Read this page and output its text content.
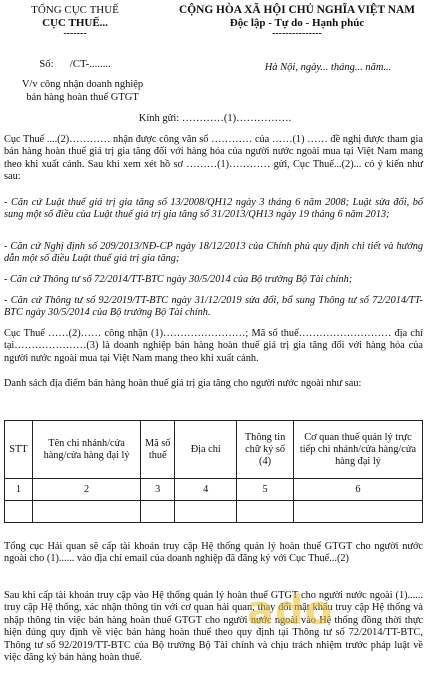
TỔNG CỤC THUẾ
CỤC THUẾ...
-------
CỘNG HÒA XÃ HỘI CHỦ NGHĨA VIỆT NAM
Độc lập - Tự do - Hạnh phúc
---------------
Số:      /CT-........	Hà Nội, ngày... tháng... năm...
V/v công nhận doanh nghiệp
bán hàng hoàn thuế GTGT
Kính gửi: …………(1)…………….
Cục Thuế ....(2)………… nhận được công văn số ………… của ……(1) …… đề nghị được tham gia bán hàng hoàn thuế giá trị gia tăng đối với hàng hóa của người nước ngoài mua tại Việt Nam mang theo khi xuất cảnh. Sau khi xem xét hồ sơ ………(1)………… gửi, Cục Thuế...(2)... có ý kiến như sau:
- Căn cứ Luật thuế giá trị gia tăng số 13/2008/QH12 ngày 3 tháng 6 năm 2008; Luật sửa đổi, bổ sung một số điều của Luật thuế giá trị gia tăng số 31/2013/QH13 ngày 19 tháng 6 năm 2013;
- Căn cứ Nghị định số 209/2013/NĐ-CP ngày 18/12/2013 của Chính phủ quy định chi tiết và hướng dẫn một số điều Luật thuế giá trị gia tăng;
- Căn cứ Thông tư số 72/2014/TT-BTC ngày 30/5/2014 của Bộ trưởng Bộ Tài chính;
- Căn cứ Thông tư số 92/2019/TT-BTC ngày 31/12/2019 sửa đổi, bổ sung Thông tư số 72/2014/TT-BTC ngày 30/5/2014 của Bộ trưởng Bộ Tài chính.
Cục Thuế ……(2)…… công nhận (1)……………………; Mã số thuế……………………… địa chỉ tại…………………(3) là doanh nghiệp bán hàng hoàn thuế giá trị gia tăng đối với hàng hóa của người nước ngoài mua tại Việt Nam mang theo khi xuất cảnh.
Danh sách địa điểm bán hàng hoàn thuế giá trị gia tăng cho người nước ngoài như sau:
STT	Tên chi nhánh/cửa hàng/cửa hàng đại lý	Mã số thuế	Địa chỉ	Thông tin chữ ký số (4)	Cơ quan thuế quản lý trực tiếp chi nhánh/cửa hàng/cửa hàng đại lý
1	2	3	4	5	6

Tổng cục Hải quan sẽ cấp tài khoản truy cập Hệ thống quản lý hoàn thuế GTGT cho người nước ngoài cho (1)...... vào địa chỉ email của doanh nghiệp đã đăng ký với Cục Thuế...(2)
Sau khi cấp tài khoản truy cập vào Hệ thống quản lý hoàn thuế GTGT cho người nước ngoài (1)...... truy cập Hệ thống, xác nhận thông tin với cơ quan hải quan, thay đổi mật khẩu truy cập Hệ thống và nhập thông tin việc bán hàng hoàn thuế GTGT cho người nước ngoài vào Hệ thống đồng thời thực hiện đúng quy định về việc bán hàng hoàn thuế theo quy định tại Thông tư số 72/2014/TT-BTC, Thông tư số 92/2019/TT-BTC của Bộ trưởng Bộ Tài chính và chịu trách nhiệm trước pháp luật về việc đăng ký bán hàng hoàn thuế.
ado
